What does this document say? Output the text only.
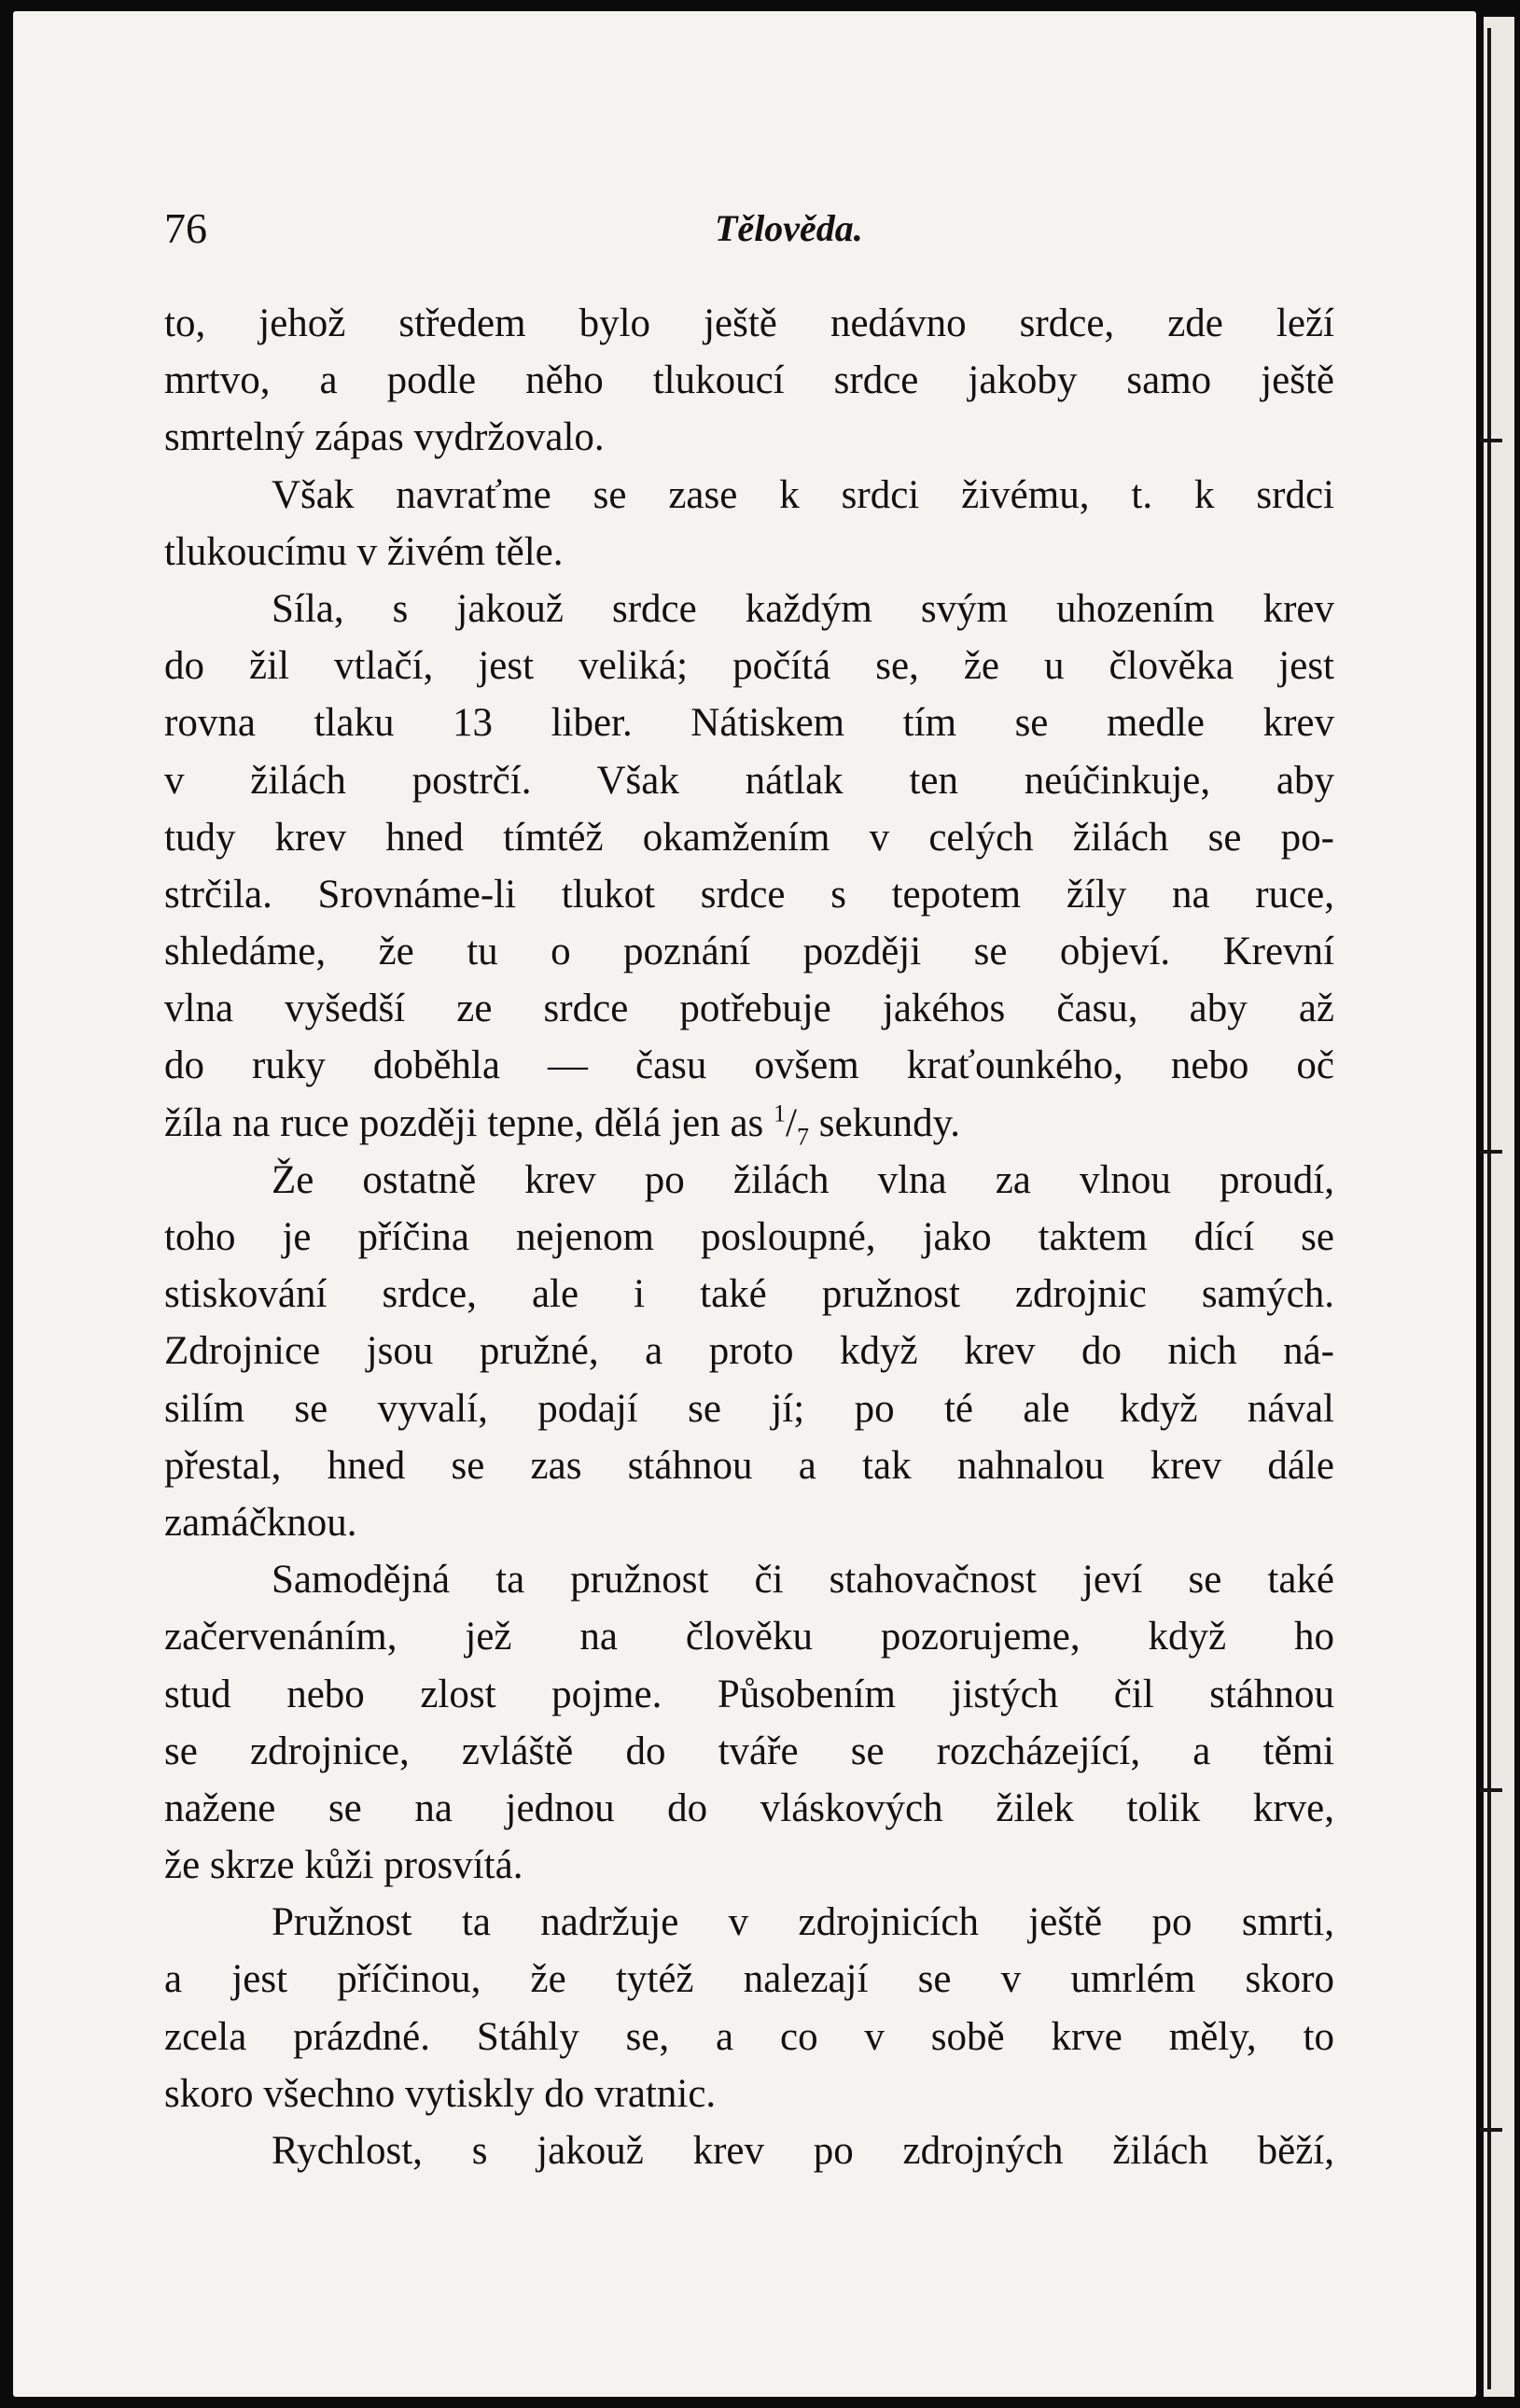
76	Tělověda.
to, jehož středem bylo ještě nedávno srdce, zde leží
mrtvo, a podle něho tlukoucí srdce jakoby samo ještě
smrtelný zápas vydržovalo.
Však navraťme se zase k srdci živému, t. k srdci
tlukoucímu v živém těle.
Síla, s jakouž srdce každým svým uhozením krev
do žil vtlačí, jest veliká; počítá se, že u člověka jest
rovna tlaku 13 liber. Nátiskem tím se medle krev
v žilách postrčí. Však nátlak ten neúčinkuje, aby
tudy krev hned tímtéž okamžením v celých žilách se po-
strčila. Srovnáme-li tlukot srdce s tepotem žíly na ruce,
shledáme, že tu o poznání později se objeví. Krevní
vlna vyšedší ze srdce potřebuje jakéhos času, aby až
do ruky doběhla — času ovšem kraťounkého, nebo oč
žíla na ruce později tepne, dělá jen as $^1/_7$ sekundy.
Že ostatně krev po žilách vlna za vlnou proudí,
toho je příčina nejenom posloupné, jako taktem dící se
stiskování srdce, ale i také pružnost zdrojnic samých.
Zdrojnice jsou pružné, a proto když krev do nich ná-
silím se vyvalí, podají se jí; po té ale když nával
přestal, hned se zas stáhnou a tak nahnalou krev dále
zamáčknou.
Samodějná ta pružnost či stahovačnost jeví se také
začervenáním, jež na člověku pozorujeme, když ho
stud nebo zlost pojme. Působením jistých čil stáhnou
se zdrojnice, zvláště do tváře se rozcházející, a těmi
nažene se na jednou do vláskových žilek tolik krve,
že skrze kůži prosvítá.
Pružnost ta nadržuje v zdrojnicích ještě po smrti,
a jest příčinou, že tytéž nalezají se v umrlém skoro
zcela prázdné. Stáhly se, a co v sobě krve měly, to
skoro všechno vytiskly do vratnic.
Rychlost, s jakouž krev po zdrojných žilách běží,
